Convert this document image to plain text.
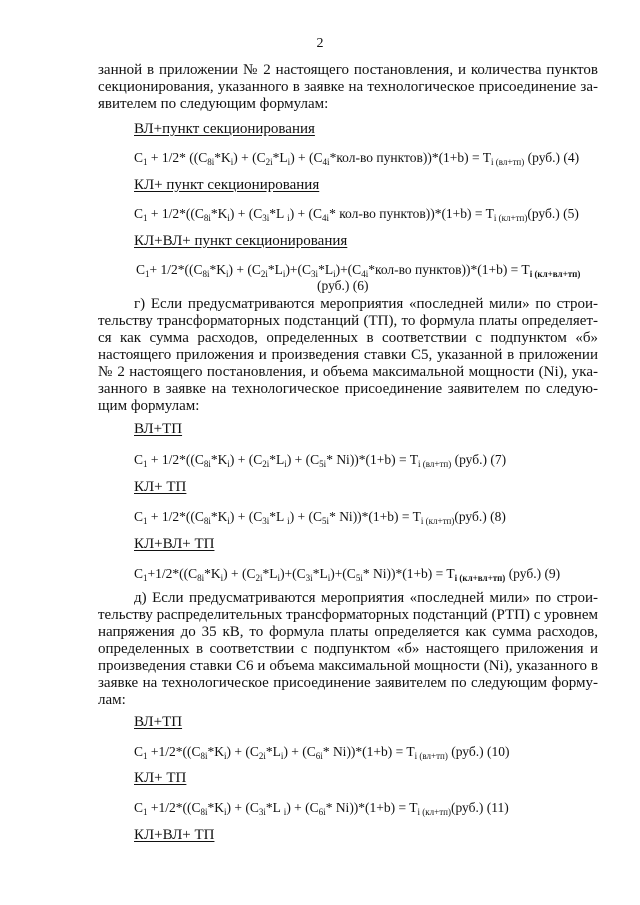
2
занной в приложении № 2 настоящего постановления, и количества пунктов
секционирования, указанного в заявке на технологическое присоединение за-
явителем по следующим формулам:
ВЛ+пункт секционирования
$C_1 + 1/2*$ ($(C_{8i}*K_i) + (C_{2i}*L_i) + (C_{4i}*кол-во$ пунктов))*(1+b) = $T_{i (вл+тп)}$ (руб.) (4)
КЛ+ пункт секционирования
$C_1 + 1/2*((C_{8i}*K_i) + (C_{3i}*L$ $_i) + (C_{4i}*$ кол-во пунктов))*(1+b) = $T_{i (кл+тп)}(руб.)$ (5)
КЛ+ВЛ+ пункт секционирования
$C_1+ 1/2*((C_{8i}*K_i) + (C_{2i}*L_i)+(C_{3i}*L_i)+(C_{4i}*кол-во$ пунктов))*(1+b) = $T_{i (кл+вл+тп)}$
(руб.) (6)
г) Если предусматриваются мероприятия «последней мили» по строи-
тельству трансформаторных подстанций (ТП), то формула платы определяет-
ся как сумма расходов, определенных в соответствии с подпунктом «б»
настоящего приложения и произведения ставки C5, указанной в приложении
№ 2 настоящего постановления, и объема максимальной мощности (Ni), ука-
занного в заявке на технологическое присоединение заявителем по следую-
щим формулам:
ВЛ+ТП
$C_1 + 1/2*((C_{8i}*K_i) + (C_{2i}*L_i) + (C_{5i}*$ $Ni))*(1+b) = T_{i (вл+тп)}$ (руб.) (7)
КЛ+ ТП
$C_1 + 1/2*((C_{8i}*K_i) + (C_{3i}*L$ $_i) + (C_{5i}*$ $Ni))*(1+b) = T_{i (кл+тп)}(руб.)$ (8)
КЛ+ВЛ+ ТП
$C_1+1/2*((C_{8i}*K_i) + (C_{2i}*L_i)+(C_{3i}*L_i)+(C_{5i}*$ $Ni))*(1+b) = T_{i (кл+вл+тп)}$ (руб.) (9)
д) Если предусматриваются мероприятия «последней мили» по строи-
тельству распределительных трансформаторных подстанций (РТП) с уровнем
напряжения до 35 кВ, то формула платы определяется как сумма расходов,
определенных в соответствии с подпунктом «б» настоящего приложения и
произведения ставки C6 и объема максимальной мощности (Ni), указанного в
заявке на технологическое присоединение заявителем по следующим форму-
лам:
ВЛ+ТП
$C_1 +1/2*((C_{8i}*K_i) + (C_{2i}*L_i) + (C_{6i}*$ $Ni))*(1+b) = T_{i (вл+тп)}$ (руб.) (10)
КЛ+ ТП
$C_1 +1/2*((C_{8i}*K_i) + (C_{3i}*L$ $_i) + (C_{6i}*$ $Ni))*(1+b) = T_{i (кл+тп)}(руб.)$ (11)
КЛ+ВЛ+ ТП
